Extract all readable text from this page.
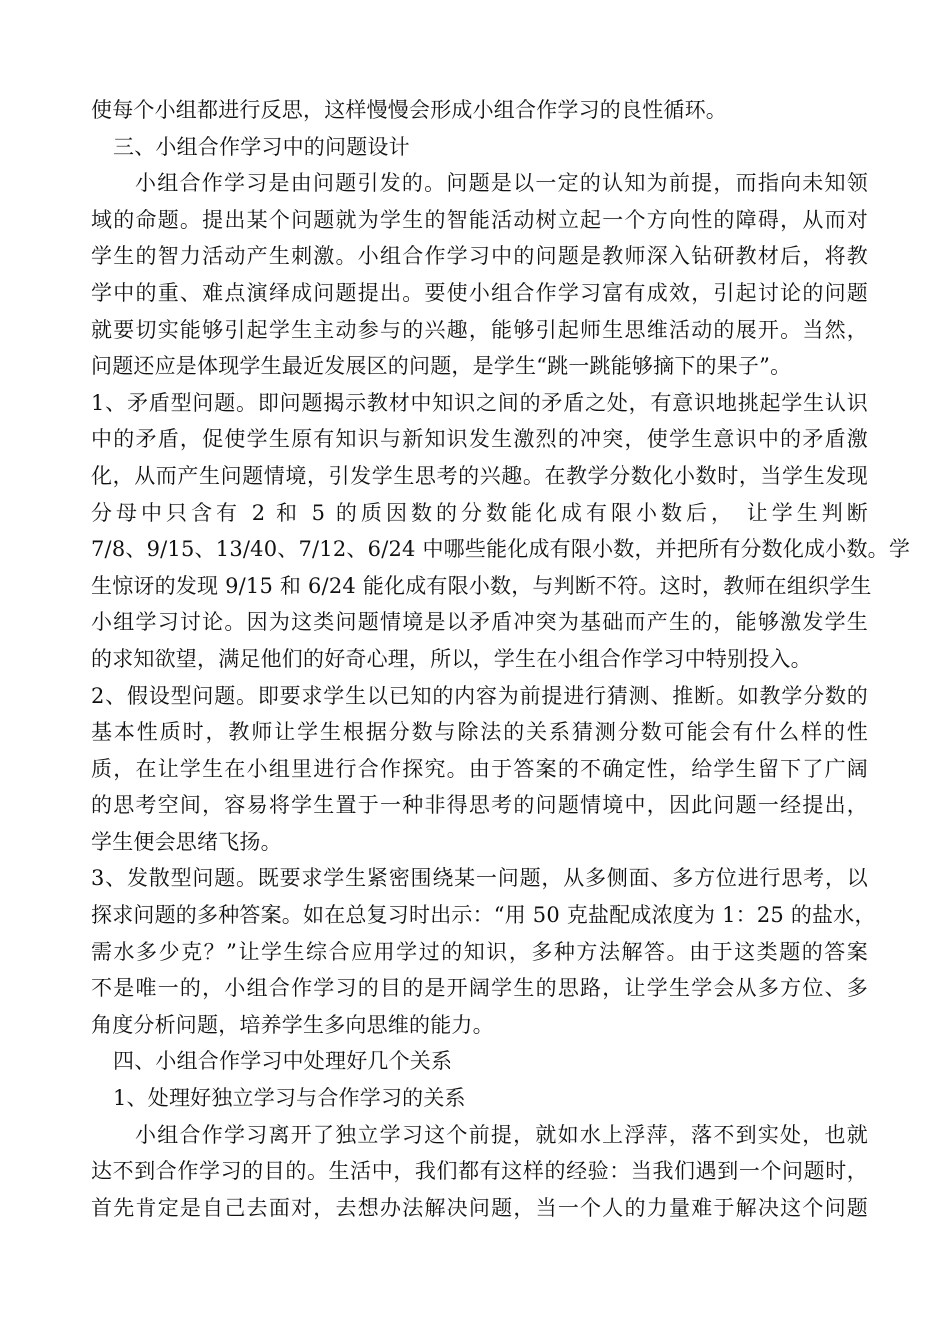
使每个小组都进行反思，这样慢慢会形成小组合作学习的良性循环。
三、小组合作学习中的问题设计
小组合作学习是由问题引发的。问题是以一定的认知为前提，而指向未知领
域的命题。提出某个问题就为学生的智能活动树立起一个方向性的障碍，从而对
学生的智力活动产生刺激。小组合作学习中的问题是教师深入钻研教材后，将教
学中的重、难点演绎成问题提出。要使小组合作学习富有成效，引起讨论的问题
就要切实能够引起学生主动参与的兴趣，能够引起师生思维活动的展开。当然，
问题还应是体现学生最近发展区的问题，是学生“跳一跳能够摘下的果子”。
1、矛盾型问题。即问题揭示教材中知识之间的矛盾之处，有意识地挑起学生认识
中的矛盾，促使学生原有知识与新知识发生激烈的冲突，使学生意识中的矛盾激
化，从而产生问题情境，引发学生思考的兴趣。在教学分数化小数时，当学生发现
分母中只含有 2 和 5 的质因数的分数能化成有限小数后， 让学生判断
7/8、9/15、13/40、7/12、6/24 中哪些能化成有限小数，并把所有分数化成小数。学
生惊讶的发现 9/15 和 6/24 能化成有限小数，与判断不符。这时，教师在组织学生
小组学习讨论。因为这类问题情境是以矛盾冲突为基础而产生的，能够激发学生
的求知欲望，满足他们的好奇心理，所以，学生在小组合作学习中特别投入。
2、假设型问题。即要求学生以已知的内容为前提进行猜测、推断。如教学分数的
基本性质时，教师让学生根据分数与除法的关系猜测分数可能会有什么样的性
质，在让学生在小组里进行合作探究。由于答案的不确定性，给学生留下了广阔
的思考空间，容易将学生置于一种非得思考的问题情境中，因此问题一经提出，
学生便会思绪飞扬。
3、发散型问题。既要求学生紧密围绕某一问题，从多侧面、多方位进行思考，以
探求问题的多种答案。如在总复习时出示：“用 50 克盐配成浓度为 1：25 的盐水，
需水多少克？”让学生综合应用学过的知识，多种方法解答。由于这类题的答案
不是唯一的，小组合作学习的目的是开阔学生的思路，让学生学会从多方位、多
角度分析问题，培养学生多向思维的能力。
四、小组合作学习中处理好几个关系
1、处理好独立学习与合作学习的关系
小组合作学习离开了独立学习这个前提，就如水上浮萍，落不到实处，也就
达不到合作学习的目的。生活中，我们都有这样的经验：当我们遇到一个问题时，
首先肯定是自己去面对，去想办法解决问题，当一个人的力量难于解决这个问题
